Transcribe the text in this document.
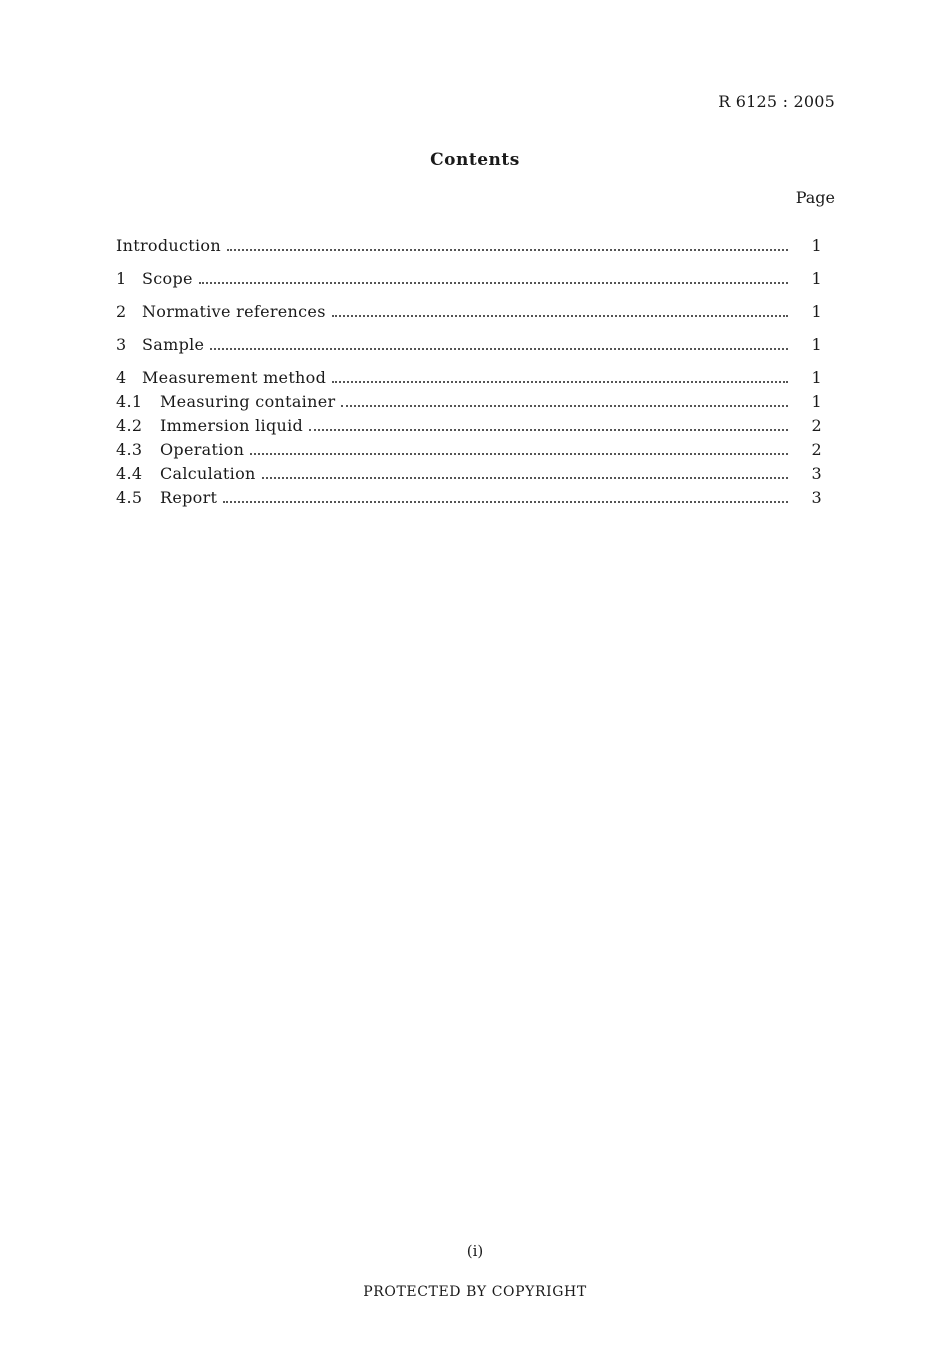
R 6125 : 2005
Contents
Page
Introduction	1
1 Scope	1
2 Normative references	1
3 Sample	1
4 Measurement method	1
4.1	Measuring container	1
4.2	Immersion liquid	2
4.3	Operation	2
4.4	Calculation	3
4.5	Report	3
(i)
PROTECTED BY COPYRIGHT
